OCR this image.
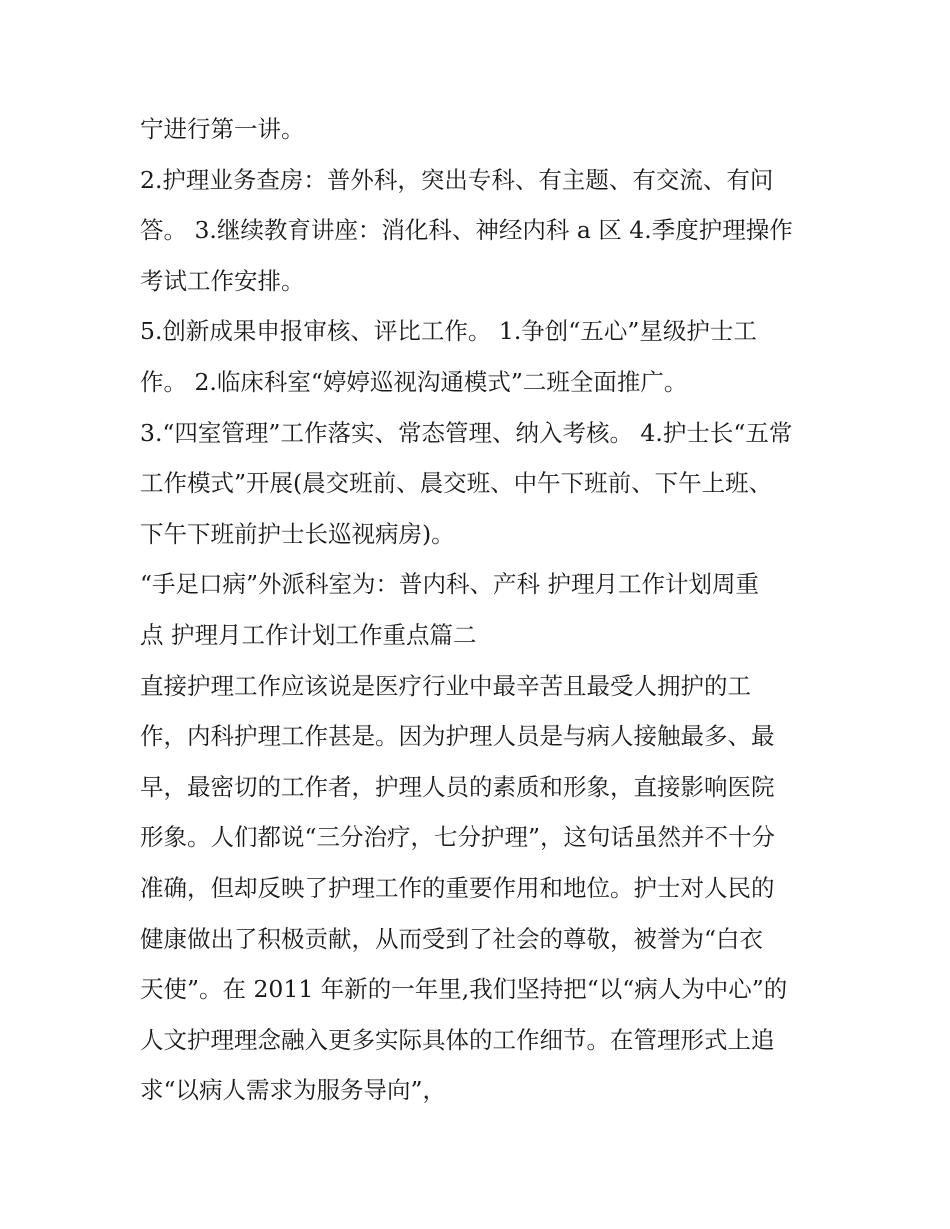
宁进行第一讲。
2.护理业务查房：普外科，突出专科、有主题、有交流、有问
答。 3.继续教育讲座：消化科、神经内科 a 区 4.季度护理操作
考试工作安排。
5.创新成果申报审核、评比工作。 1.争创“五心”星级护士工
作。 2.临床科室“婷婷巡视沟通模式”二班全面推广。
3.“四室管理”工作落实、常态管理、纳入考核。 4.护士长“五常
工作模式”开展(晨交班前、晨交班、中午下班前、下午上班、
下午下班前护士长巡视病房)。
“手足口病”外派科室为：普内科、产科 护理月工作计划周重
点 护理月工作计划工作重点篇二
直接护理工作应该说是医疗行业中最辛苦且最受人拥护的工
作，内科护理工作甚是。因为护理人员是与病人接触最多、最
早，最密切的工作者，护理人员的素质和形象，直接影响医院
形象。人们都说“三分治疗，七分护理”，这句话虽然并不十分
准确，但却反映了护理工作的重要作用和地位。护士对人民的
健康做出了积极贡献，从而受到了社会的尊敬，被誉为“白衣
天使”。在 2011 年新的一年里,我们坚持把“以“病人为中心”的
人文护理理念融入更多实际具体的工作细节。在管理形式上追
求“以病人需求为服务导向”，
